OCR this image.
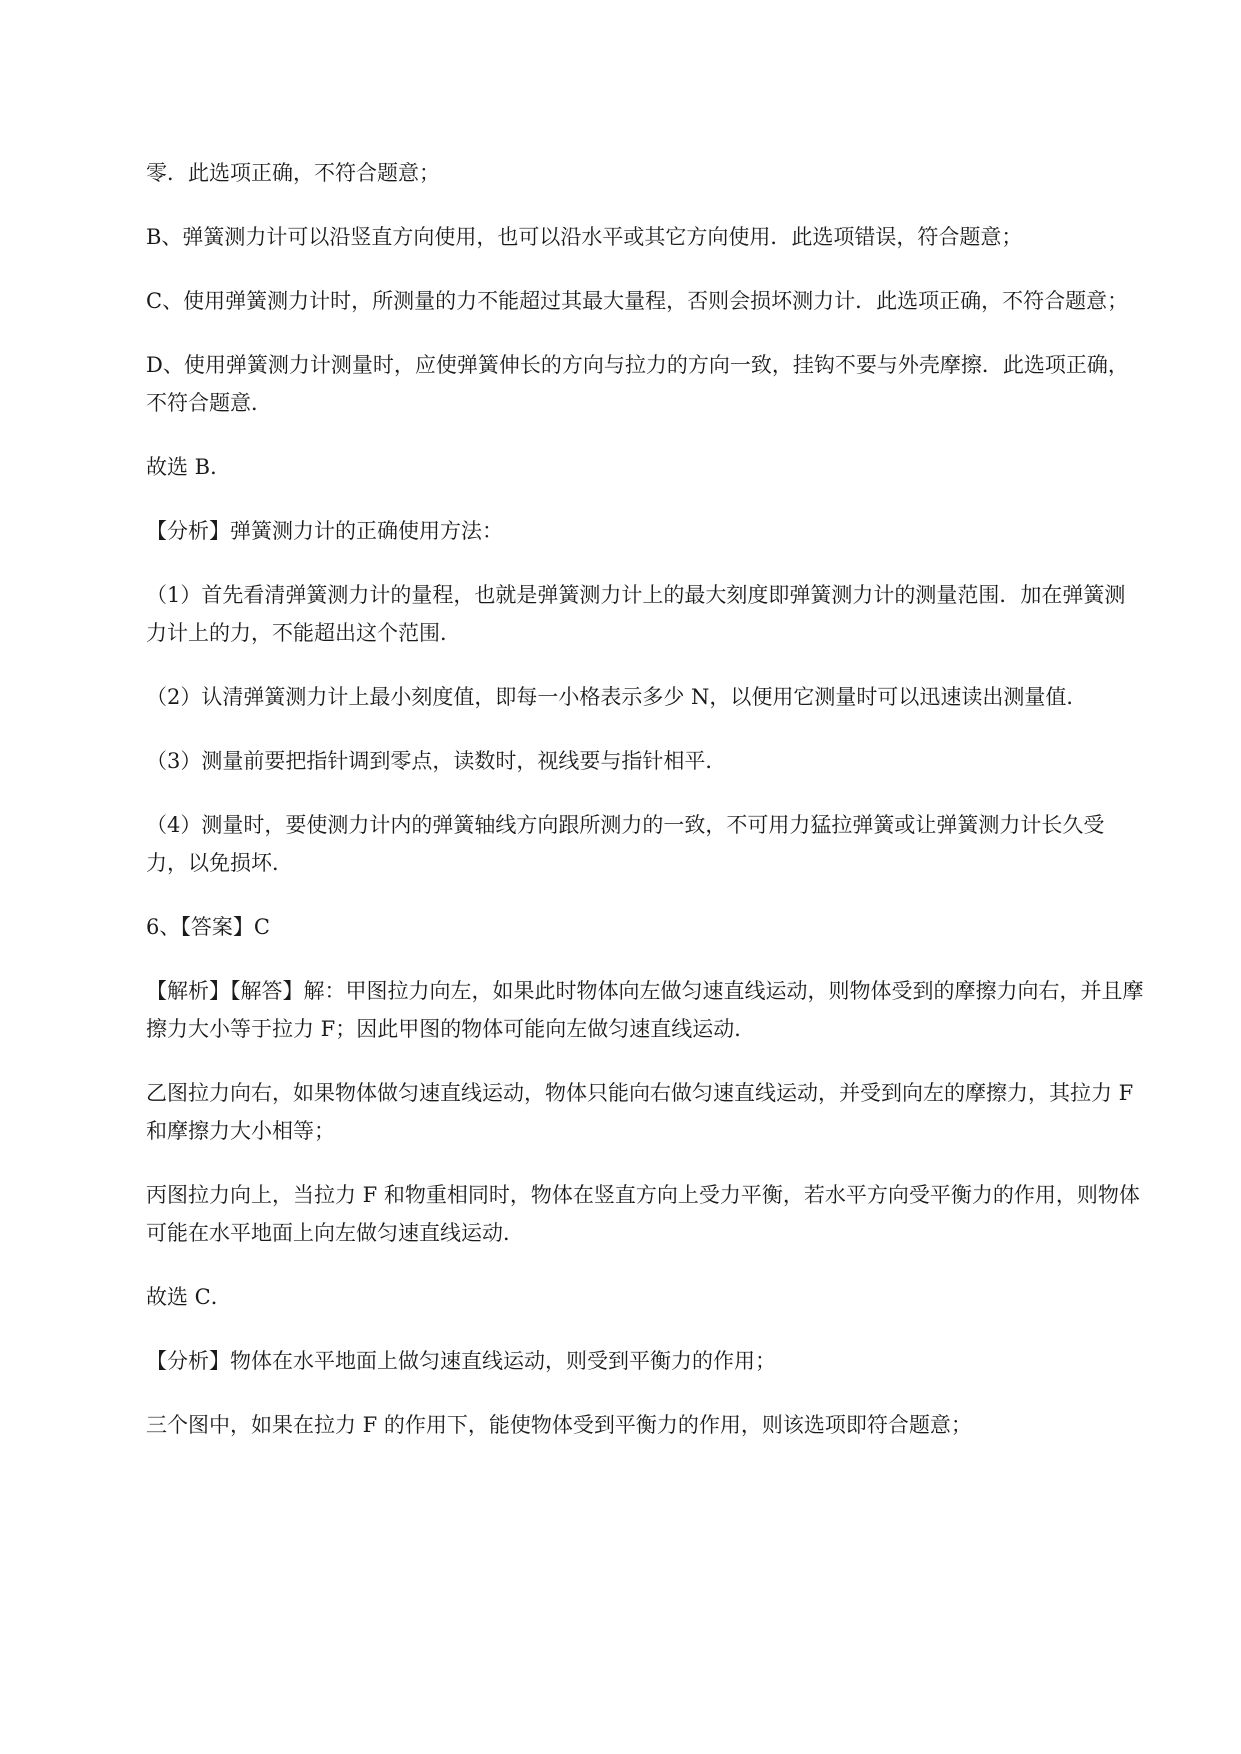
零．此选项正确，不符合题意；

B、弹簧测力计可以沿竖直方向使用，也可以沿水平或其它方向使用．此选项错误，符合题意；

C、使用弹簧测力计时，所测量的力不能超过其最大量程，否则会损坏测力计．此选项正确，不符合题意；

D、使用弹簧测力计测量时，应使弹簧伸长的方向与拉力的方向一致，挂钩不要与外壳摩擦．此选项正确，不符合题意．

故选 B．

【分析】弹簧测力计的正确使用方法：

（1）首先看清弹簧测力计的量程，也就是弹簧测力计上的最大刻度即弹簧测力计的测量范围．加在弹簧测力计上的力，不能超出这个范围．

（2）认清弹簧测力计上最小刻度值，即每一小格表示多少 N，以便用它测量时可以迅速读出测量值．

（3）测量前要把指针调到零点，读数时，视线要与指针相平．

（4）测量时，要使测力计内的弹簧轴线方向跟所测力的一致，不可用力猛拉弹簧或让弹簧测力计长久受力，以免损坏．

6、【答案】C

【解析】【解答】解：甲图拉力向左，如果此时物体向左做匀速直线运动，则物体受到的摩擦力向右，并且摩擦力大小等于拉力 F；因此甲图的物体可能向左做匀速直线运动．

乙图拉力向右，如果物体做匀速直线运动，物体只能向右做匀速直线运动，并受到向左的摩擦力，其拉力 F 和摩擦力大小相等；

丙图拉力向上，当拉力 F 和物重相同时，物体在竖直方向上受力平衡，若水平方向受平衡力的作用，则物体可能在水平地面上向左做匀速直线运动．

故选 C．

【分析】物体在水平地面上做匀速直线运动，则受到平衡力的作用；

三个图中，如果在拉力 F 的作用下，能使物体受到平衡力的作用，则该选项即符合题意；
